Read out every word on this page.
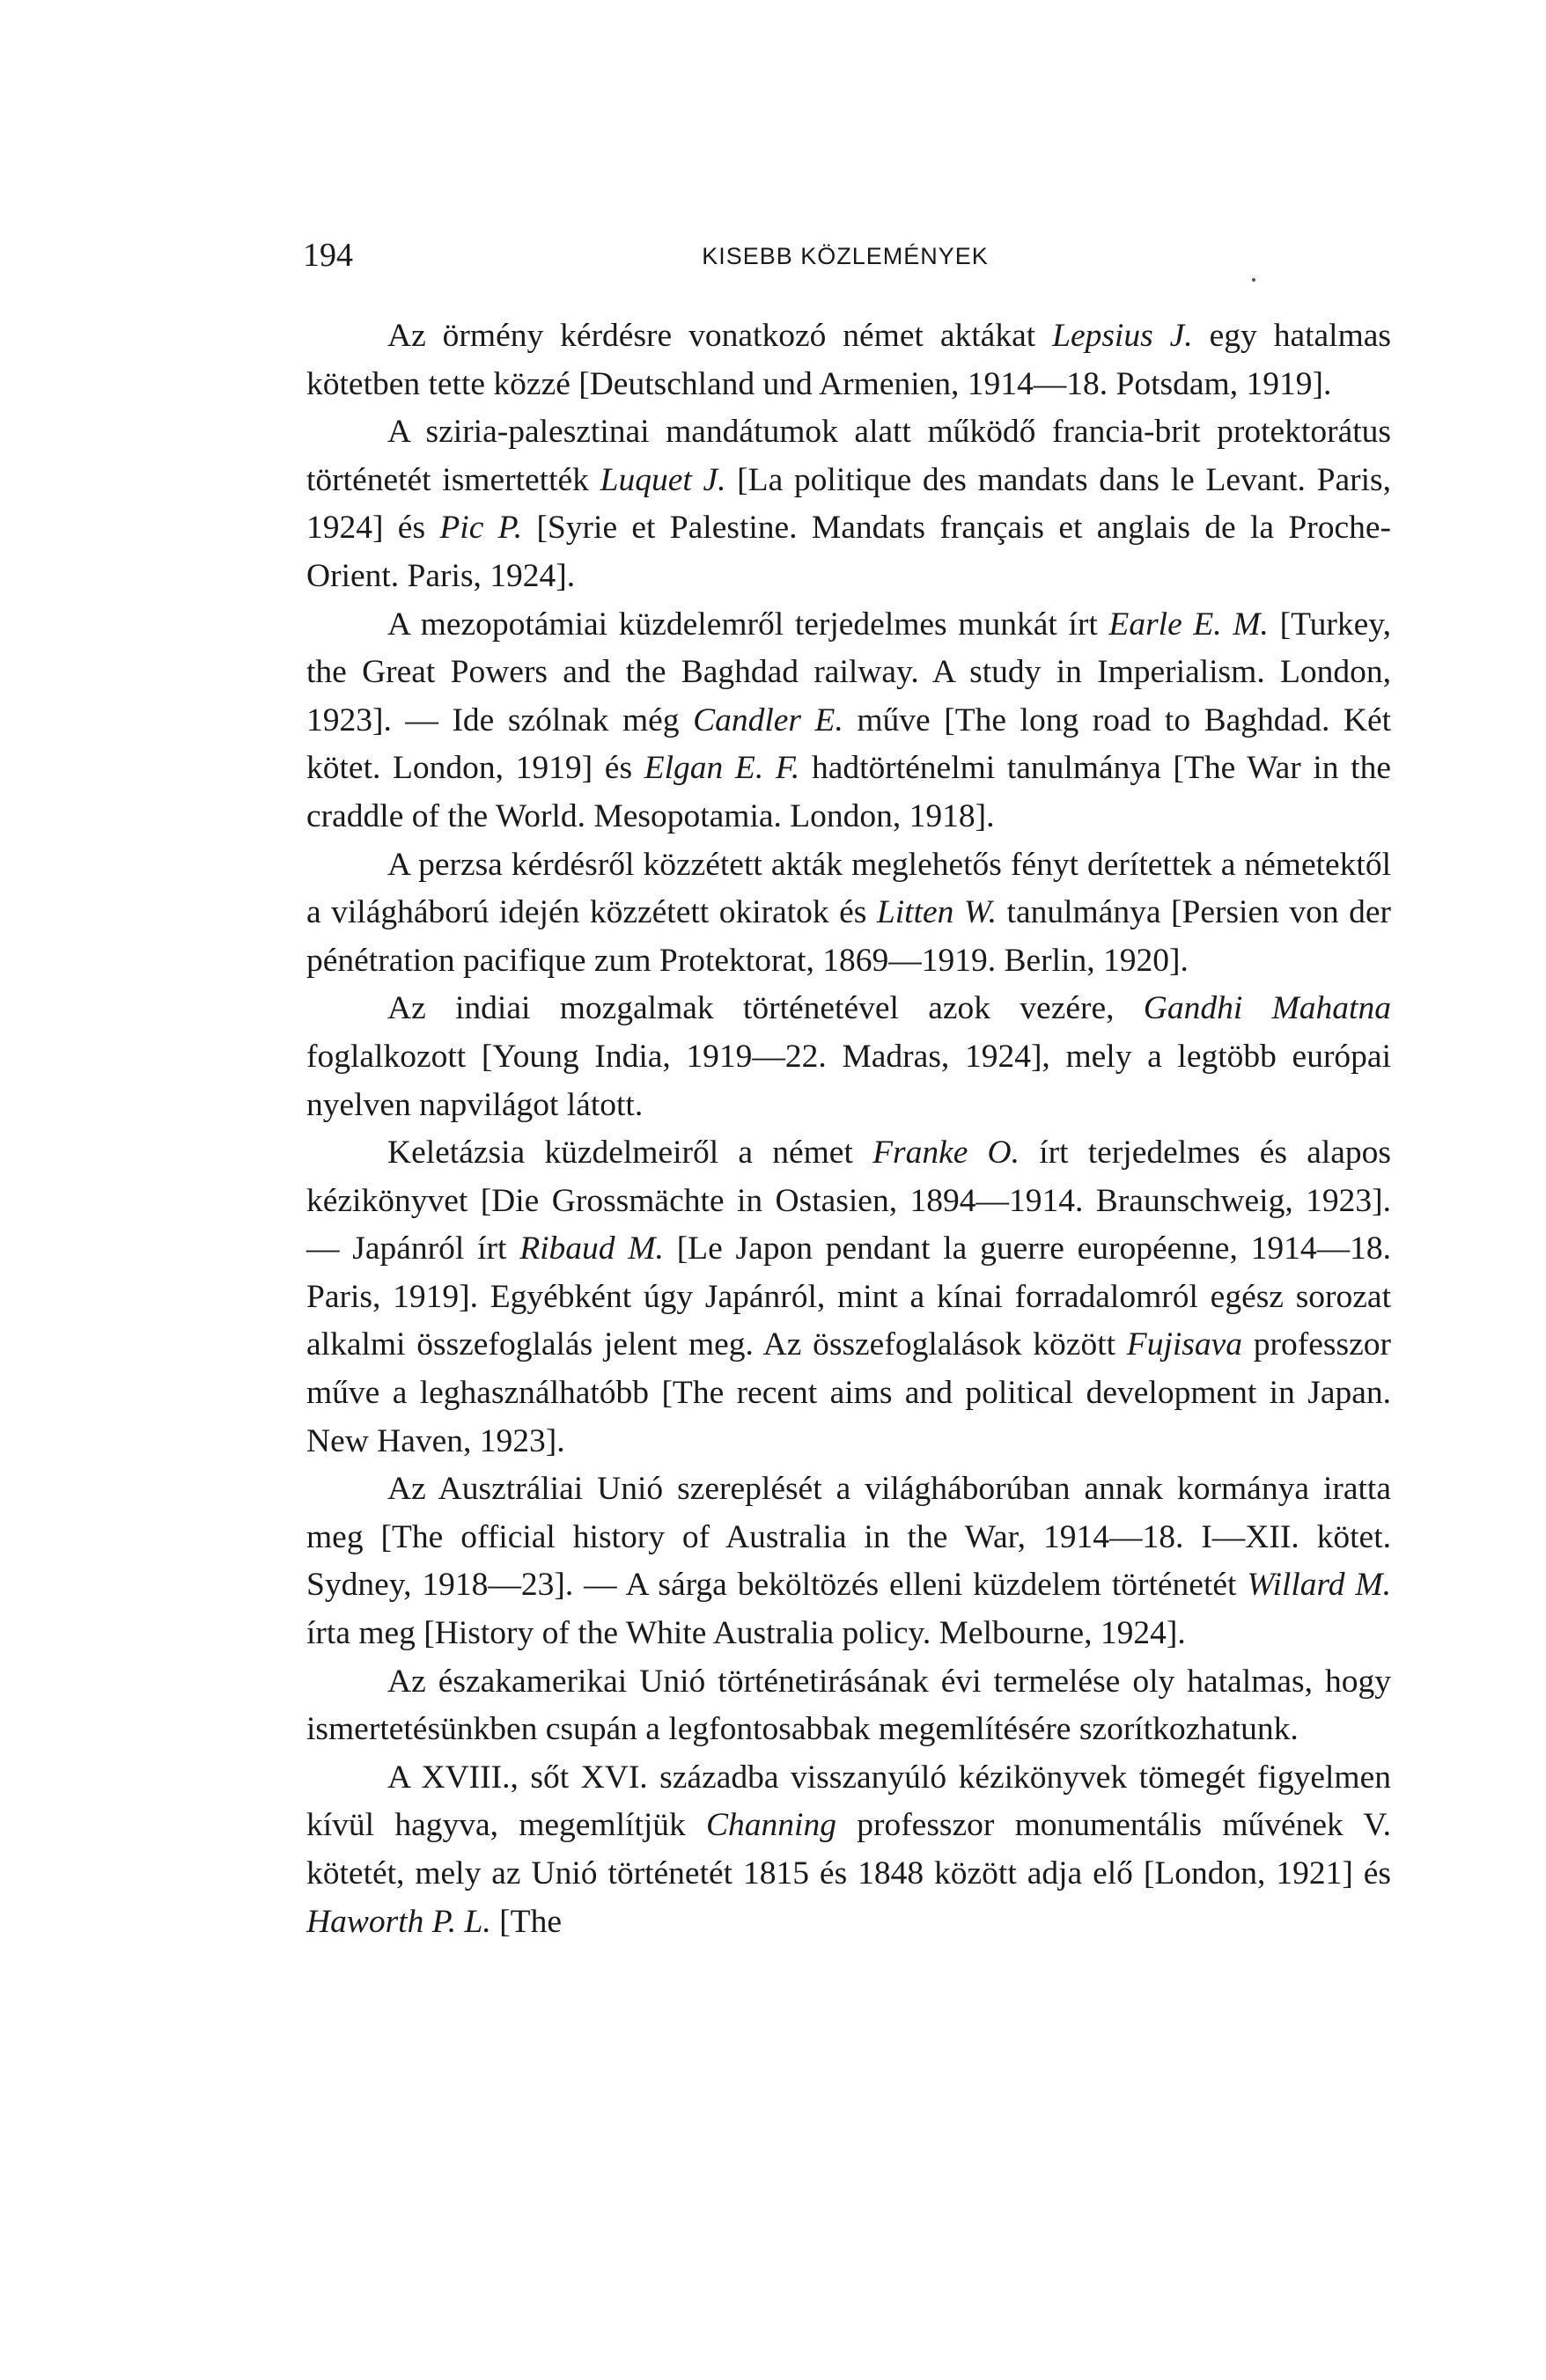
194	KISEBB KÖZLEMÉNYEK

Az örmény kérdésre vonatkozó német aktákat Lepsius J. egy hatalmas kötetben tette közzé [Deutschland und Armenien, 1914—18. Potsdam, 1919].

A sziria-palesztinai mandátumok alatt működő francia-brit protektorátus történetét ismertették Luquet J. [La politique des mandats dans le Levant. Paris, 1924] és Pic P. [Syrie et Palestine. Mandats français et anglais de la Proche-Orient. Paris, 1924].

A mezopotámiai küzdelemről terjedelmes munkát írt Earle E. M. [Turkey, the Great Powers and the Baghdad railway. A study in Imperialism. London, 1923]. — Ide szólnak még Candler E. műve [The long road to Baghdad. Két kötet. London, 1919] és Elgan E. F. hadtörténelmi tanulmánya [The War in the craddle of the World. Mesopotamia. London, 1918].

A perzsa kérdésről közzétett akták meglehetős fényt derítettek a németektől a világháború idején közzétett okiratok és Litten W. tanulmánya [Persien von der pénétration pacifique zum Protektorat, 1869—1919. Berlin, 1920].

Az indiai mozgalmak történetével azok vezére, Gandhi Mahatna foglalkozott [Young India, 1919—22. Madras, 1924], mely a legtöbb európai nyelven napvilágot látott.

Keletázsia küzdelmeiről a német Franke O. írt terjedelmes és alapos kézikönyvet [Die Grossmächte in Ostasien, 1894—1914. Braunschweig, 1923]. — Japánról írt Ribaud M. [Le Japon pendant la guerre européenne, 1914—18. Paris, 1919]. Egyébként úgy Japánról, mint a kínai forradalomról egész sorozat alkalmi összefoglalás jelent meg. Az összefoglalások között Fujisava professzor műve a leghasználhatóbb [The recent aims and political development in Japan. New Haven, 1923].

Az Ausztráliai Unió szereplését a világháborúban annak kormánya iratta meg [The official history of Australia in the War, 1914—18. I—XII. kötet. Sydney, 1918—23]. — A sárga beköltözés elleni küzdelem történetét Willard M. írta meg [History of the White Australia policy. Melbourne, 1924].

Az északamerikai Unió történetirásának évi termelése oly hatalmas, hogy ismertetésünkben csupán a legfontosabbak megemlítésére szorítkozhatunk.

A XVIII., sőt XVI. századba visszanyúló kézikönyvek tömegét figyelmen kívül hagyva, megemlítjük Channing professzor monumentális művének V. kötetét, mely az Unió történetét 1815 és 1848 között adja elő [London, 1921] és Haworth P. L. [The
